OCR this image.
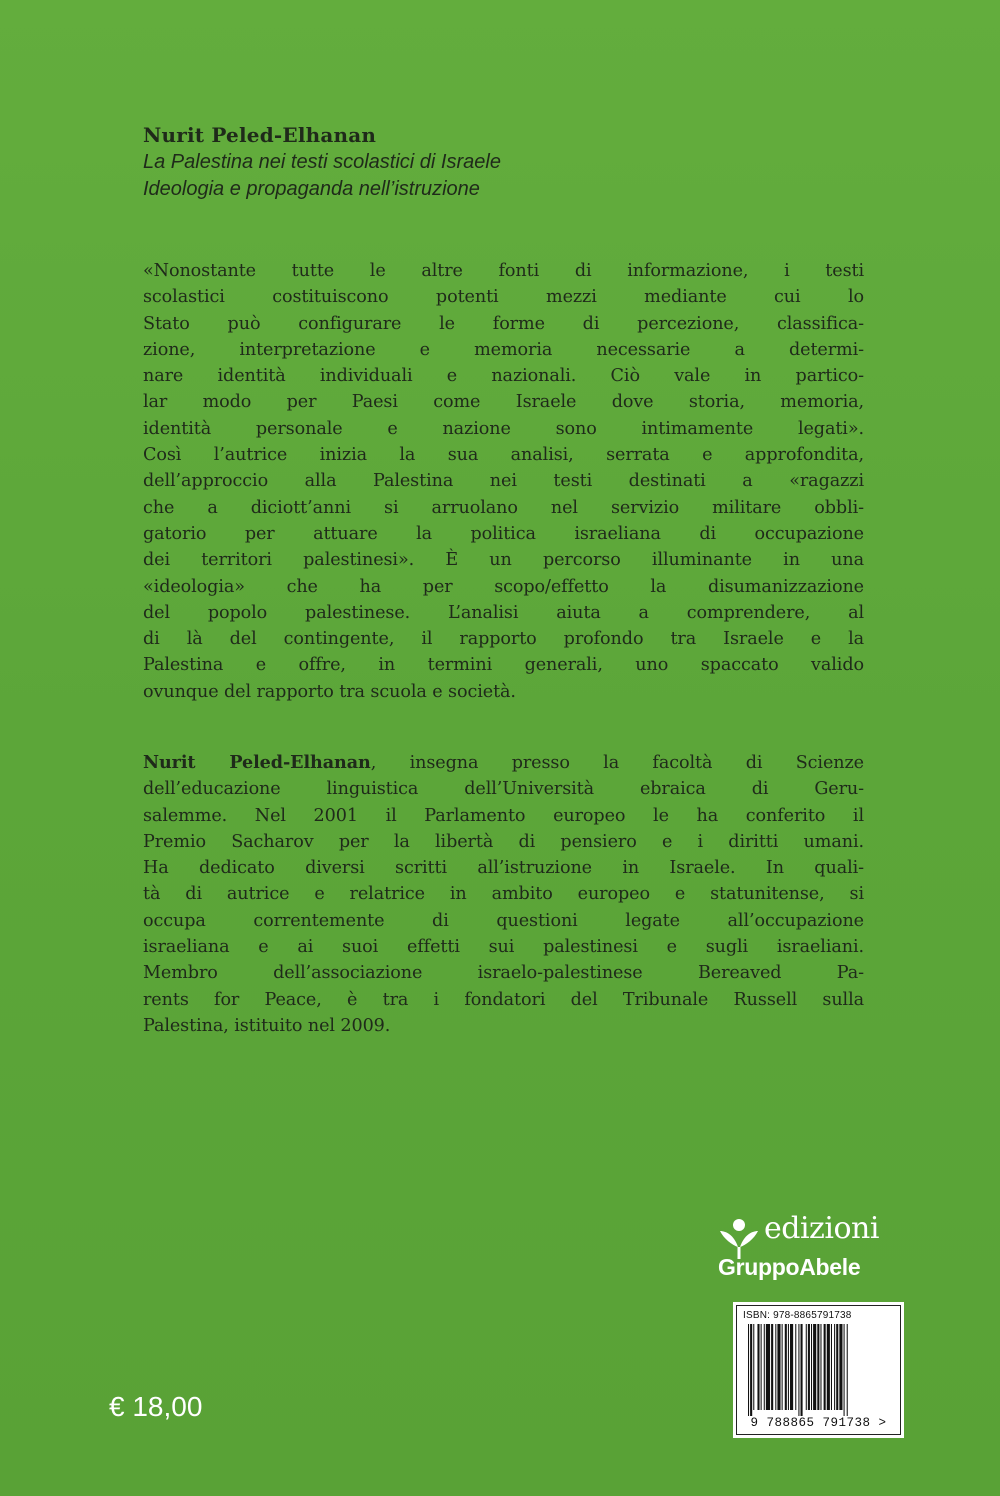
Nurit Peled-Elhanan
La Palestina nei testi scolastici di Israele
Ideologia e propaganda nell’istruzione
«Nonostante tutte le altre fonti di informazione, i testi
scolastici costituiscono potenti mezzi mediante cui lo
Stato può configurare le forme di percezione, classifica-
zione, interpretazione e memoria necessarie a determi-
nare identità individuali e nazionali. Ciò vale in partico-
lar modo per Paesi come Israele dove storia, memoria,
identità personale e nazione sono intimamente legati».
Così l’autrice inizia la sua analisi, serrata e approfondita,
dell’approccio alla Palestina nei testi destinati a «ragazzi
che a diciott’anni si arruolano nel servizio militare obbli-
gatorio per attuare la politica israeliana di occupazione
dei territori palestinesi». È un percorso illuminante in una
«ideologia» che ha per scopo/effetto la disumanizzazione
del popolo palestinese. L’analisi aiuta a comprendere, al
di là del contingente, il rapporto profondo tra Israele e la
Palestina e offre, in termini generali, uno spaccato valido
ovunque del rapporto tra scuola e società.
Nurit Peled-Elhanan, insegna presso la facoltà di Scienze
dell’educazione linguistica dell’Università ebraica di Geru-
salemme. Nel 2001 il Parlamento europeo le ha conferito il
Premio Sacharov per la libertà di pensiero e i diritti umani.
Ha dedicato diversi scritti all’istruzione in Israele. In quali-
tà di autrice e relatrice in ambito europeo e statunitense, si
occupa correntemente di questioni legate all’occupazione
israeliana e ai suoi effetti sui palestinesi e sugli israeliani.
Membro dell’associazione israelo-palestinese Bereaved Pa-
rents for Peace, è tra i fondatori del Tribunale Russell sulla
Palestina, istituito nel 2009.
edizioni
GruppoAbele
ISBN: 978-8865791738
9 788865 791738 >
€ 18,00
